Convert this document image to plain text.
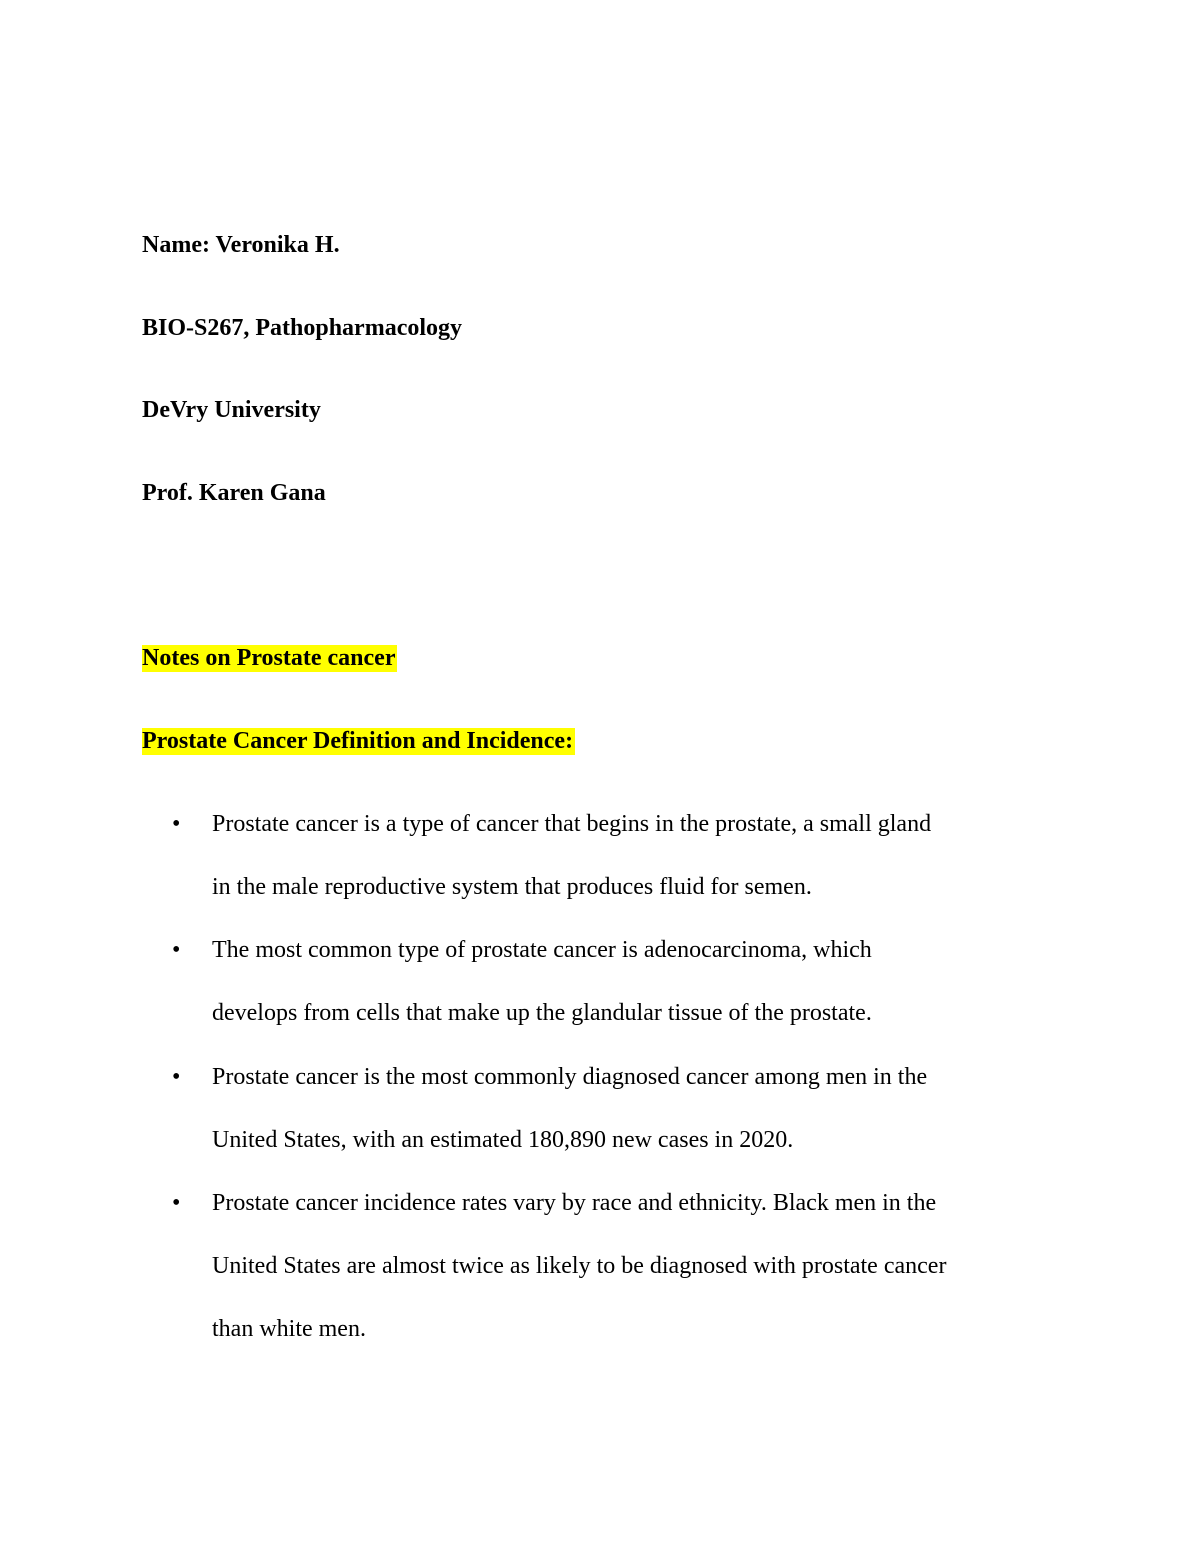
Name: Veronika H.
BIO-S267, Pathopharmacology
DeVry University
Prof. Karen Gana
Notes on Prostate cancer
Prostate Cancer Definition and Incidence:
• Prostate cancer is a type of cancer that begins in the prostate, a small gland
in the male reproductive system that produces fluid for semen.
• The most common type of prostate cancer is adenocarcinoma, which
develops from cells that make up the glandular tissue of the prostate.
• Prostate cancer is the most commonly diagnosed cancer among men in the
United States, with an estimated 180,890 new cases in 2020.
• Prostate cancer incidence rates vary by race and ethnicity. Black men in the
United States are almost twice as likely to be diagnosed with prostate cancer
than white men.
